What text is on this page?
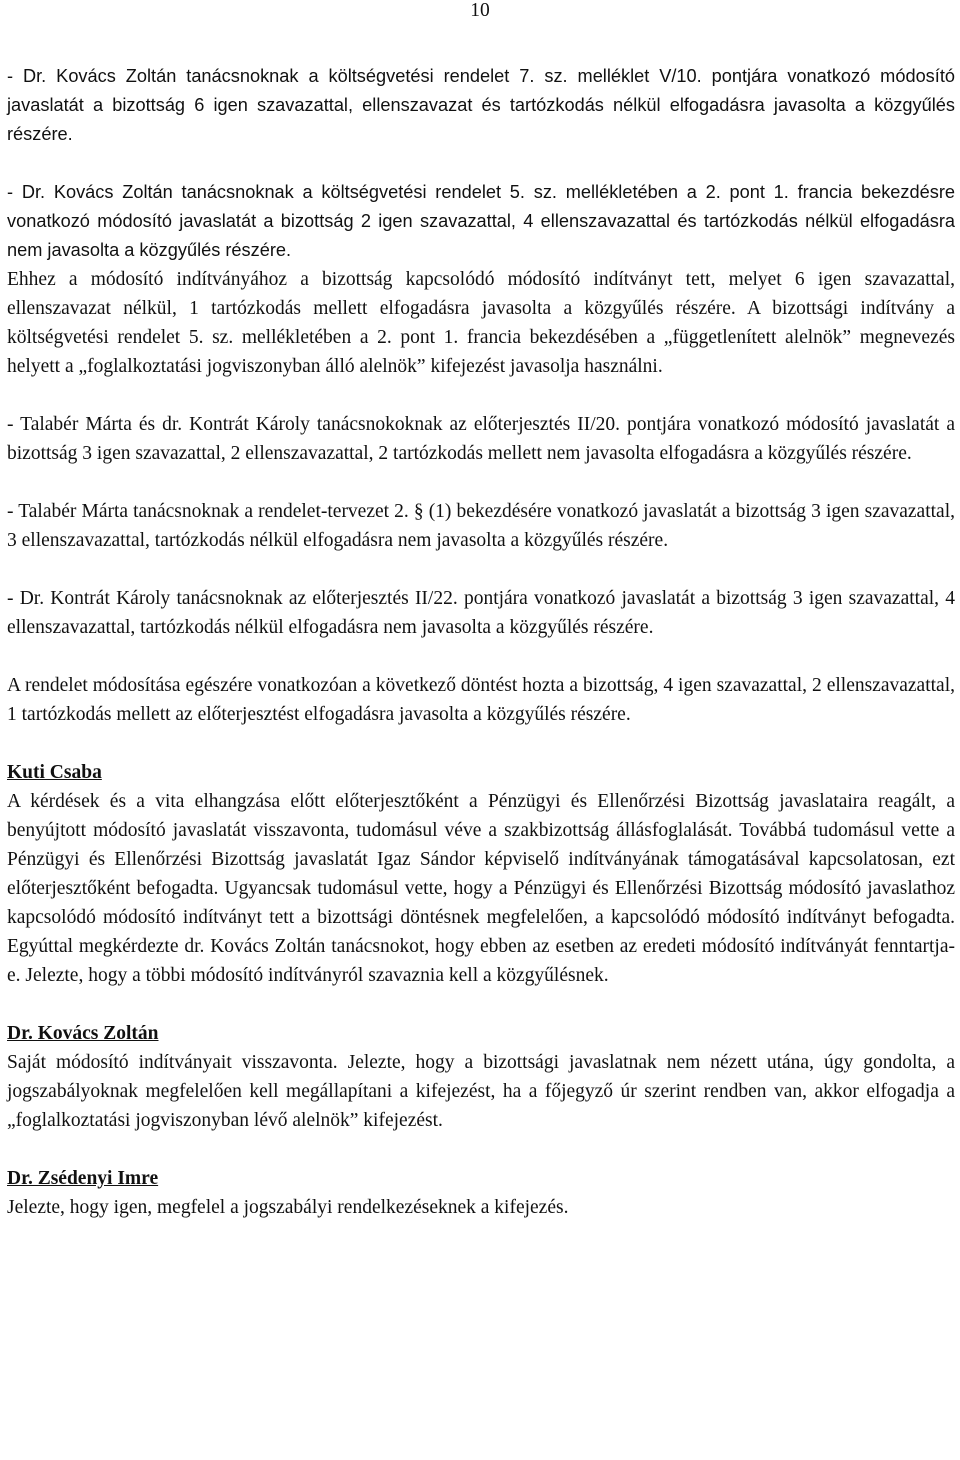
10

- Dr. Kovács Zoltán tanácsnoknak a költségvetési rendelet 7. sz. melléklet V/10. pontjára vonatkozó módosító javaslatát a bizottság 6 igen szavazattal, ellenszavazat és tartózkodás nélkül elfogadásra javasolta a közgyűlés részére.

- Dr. Kovács Zoltán tanácsnoknak a költségvetési rendelet 5. sz. mellékletében a 2. pont 1. francia bekezdésre vonatkozó módosító javaslatát a bizottság 2 igen szavazattal, 4 ellenszavazattal és tartózkodás nélkül elfogadásra nem javasolta a közgyűlés részére.

Ehhez a módosító indítványához a bizottság kapcsolódó módosító indítványt tett, melyet 6 igen szavazattal, ellenszavazat nélkül, 1 tartózkodás mellett elfogadásra javasolta a közgyűlés részére. A bizottsági indítvány a költségvetési rendelet 5. sz. mellékletében a 2. pont 1. francia bekezdésében a „függetlenített alelnök” megnevezés helyett a „foglalkoztatási jogviszonyban álló alelnök” kifejezést javasolja használni.

- Talabér Márta és dr. Kontrát Károly tanácsnokoknak az előterjesztés II/20. pontjára vonatkozó módosító javaslatát a bizottság 3 igen szavazattal, 2 ellenszavazattal, 2 tartózkodás mellett nem javasolta elfogadásra a közgyűlés részére.

- Talabér Márta tanácsnoknak a rendelet-tervezet 2. § (1) bekezdésére vonatkozó javaslatát a bizottság 3 igen szavazattal, 3 ellenszavazattal, tartózkodás nélkül elfogadásra nem javasolta a közgyűlés részére.

- Dr. Kontrát Károly tanácsnoknak az előterjesztés II/22. pontjára vonatkozó javaslatát a bizottság 3 igen szavazattal, 4 ellenszavazattal, tartózkodás nélkül elfogadásra nem javasolta a közgyűlés részére.

A rendelet módosítása egészére vonatkozóan a következő döntést hozta a bizottság, 4 igen szavazattal, 2 ellenszavazattal, 1 tartózkodás mellett az előterjesztést elfogadásra javasolta a közgyűlés részére.

Kuti Csaba

A kérdések és a vita elhangzása előtt előterjesztőként a Pénzügyi és Ellenőrzési Bizottság javaslataira reagált, a benyújtott módosító javaslatát visszavonta, tudomásul véve a szakbizottság állásfoglalását. Továbbá tudomásul vette a Pénzügyi és Ellenőrzési Bizottság javaslatát Igaz Sándor képviselő indítványának támogatásával kapcsolatosan, ezt előterjesztőként befogadta. Ugyancsak tudomásul vette, hogy a Pénzügyi és Ellenőrzési Bizottság módosító javaslathoz kapcsolódó módosító indítványt tett a bizottsági döntésnek megfelelően, a kapcsolódó módosító indítványt befogadta. Egyúttal megkérdezte dr. Kovács Zoltán tanácsnokot, hogy ebben az esetben az eredeti módosító indítványát fenntartja-e. Jelezte, hogy a többi módosító indítványról szavaznia kell a közgyűlésnek.

Dr. Kovács Zoltán

Saját módosító indítványait visszavonta. Jelezte, hogy a bizottsági javaslatnak nem nézett utána, úgy gondolta, a jogszabályoknak megfelelően kell megállapítani a kifejezést, ha a főjegyző úr szerint rendben van, akkor elfogadja a „foglalkoztatási jogviszonyban lévő alelnök” kifejezést.

Dr. Zsédenyi Imre

Jelezte, hogy igen, megfelel a jogszabályi rendelkezéseknek a kifejezés.
